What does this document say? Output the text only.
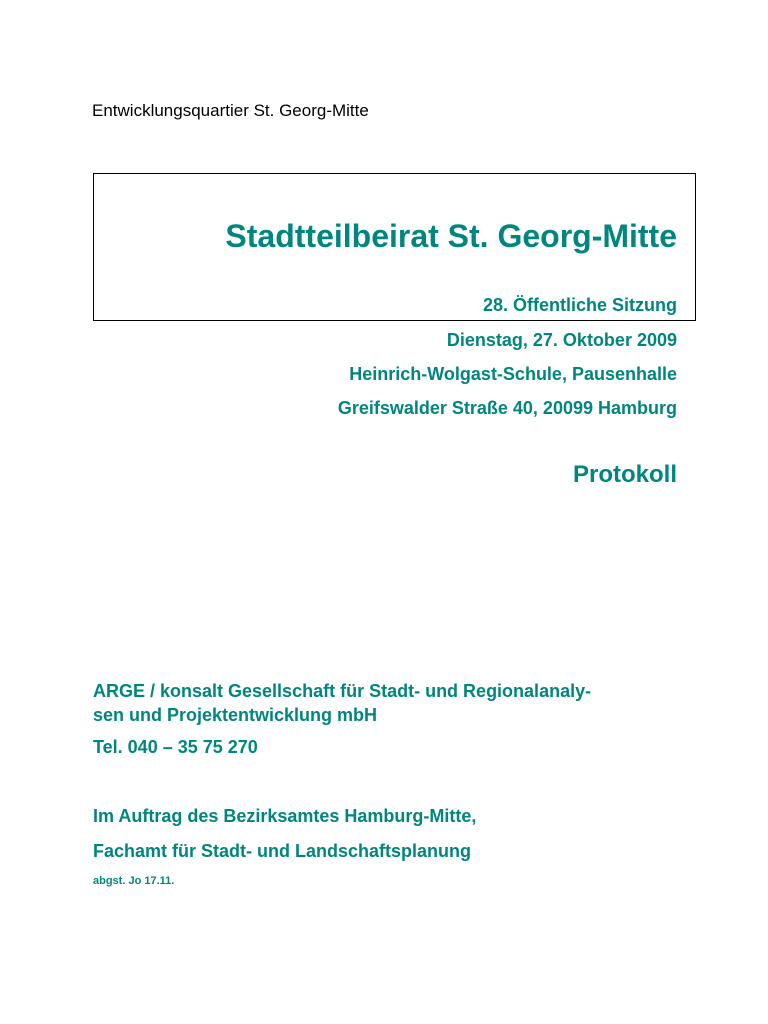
Entwicklungsquartier St. Georg-Mitte
Stadtteilbeirat St. Georg-Mitte
28. Öffentliche Sitzung
Dienstag, 27. Oktober 2009
Heinrich-Wolgast-Schule, Pausenhalle
Greifswalder Straße 40, 20099 Hamburg
Protokoll
ARGE / konsalt Gesellschaft für Stadt- und Regionalanaly-
sen und Projektentwicklung mbH
Tel. 040 – 35 75 270
Im Auftrag des Bezirksamtes Hamburg-Mitte,
Fachamt für Stadt- und Landschaftsplanung
abgst. Jo 17.11.
